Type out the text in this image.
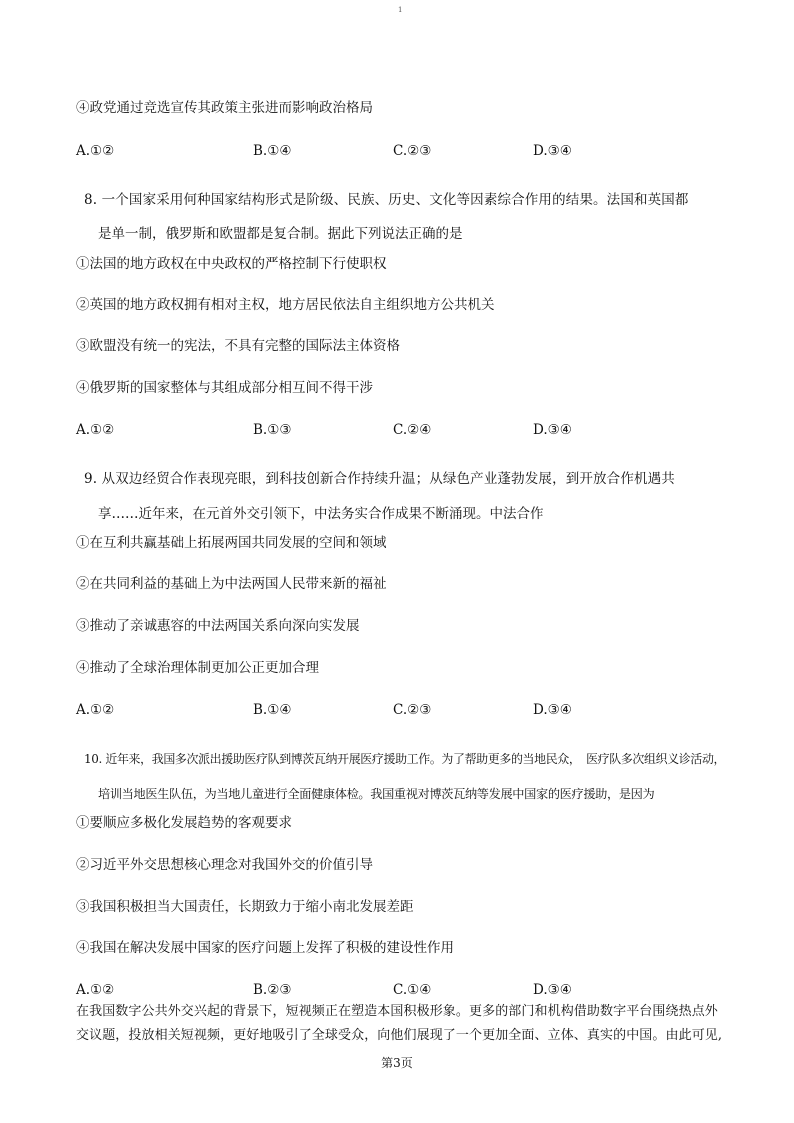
1
④政党通过竞选宣传其政策主张进而影响政治格局
A.①②	B.①④	C.②③	D.③④
8. 一个国家采用何种国家结构形式是阶级、民族、历史、文化等因素综合作用的结果。法国和英国都
是单一制，俄罗斯和欧盟都是复合制。据此下列说法正确的是
①法国的地方政权在中央政权的严格控制下行使职权
②英国的地方政权拥有相对主权，地方居民依法自主组织地方公共机关
③欧盟没有统一的宪法，不具有完整的国际法主体资格
④俄罗斯的国家整体与其组成部分相互间不得干涉
A.①②	B.①③	C.②④	D.③④
9. 从双边经贸合作表现亮眼，到科技创新合作持续升温；从绿色产业蓬勃发展，到开放合作机遇共
享……近年来，在元首外交引领下，中法务实合作成果不断涌现。中法合作
①在互利共赢基础上拓展两国共同发展的空间和领域
②在共同利益的基础上为中法两国人民带来新的福祉
③推动了亲诚惠容的中法两国关系向深向实发展
④推动了全球治理体制更加公正更加合理
A.①②	B.①④	C.②③	D.③④
10. 近年来，我国多次派出援助医疗队到博茨瓦纳开展医疗援助工作。为了帮助更多的当地民众，　医疗队多次组织义诊活动，
培训当地医生队伍，为当地儿童进行全面健康体检。我国重视对博茨瓦纳等发展中国家的医疗援助，是因为
①要顺应多极化发展趋势的客观要求
②习近平外交思想核心理念对我国外交的价值引导
③我国积极担当大国责任，长期致力于缩小南北发展差距
④我国在解决发展中国家的医疗问题上发挥了积极的建设性作用
A.①②	B.②③	C.①④	D.③④
在我国数字公共外交兴起的背景下，短视频正在塑造本国积极形象。更多的部门和机构借助数字平台围绕热点外
交议题，投放相关短视频，更好地吸引了全球受众，向他们展现了一个更加全面、立体、真实的中国。由此可见,
第3页
